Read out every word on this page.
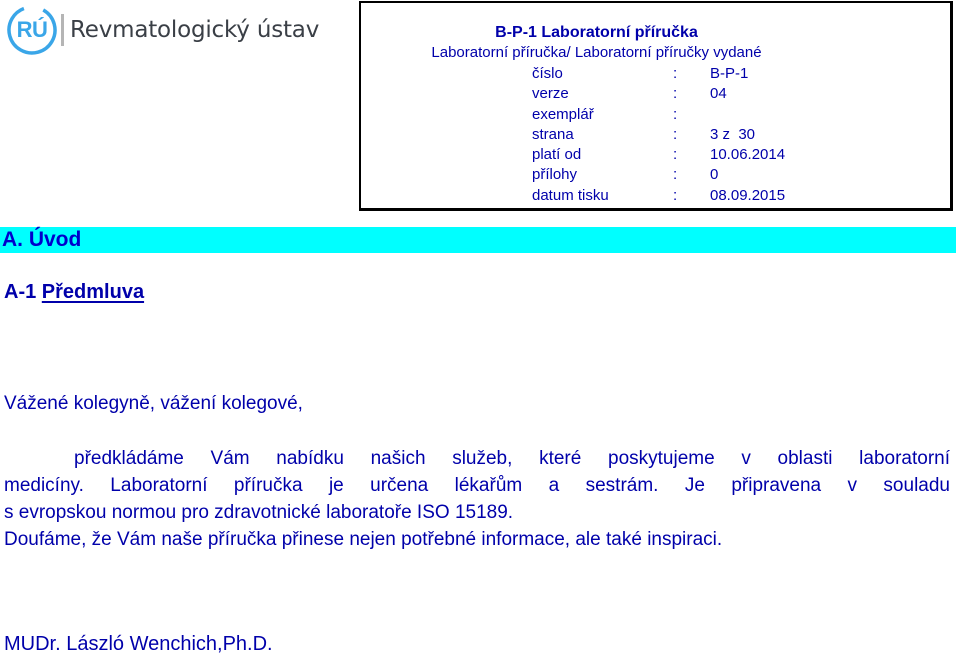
RÚ Revmatologický ústav	B-P-1 Laboratorní příručka
Laboratorní příručka/ Laboratorní příručky vydané
číslo	:	B-P-1
verze	:	04
exemplář	:
strana	:	3 z  30
platí od	:	10.06.2014
přílohy	:	0
datum tisku	:	08.09.2015
A. Úvod
A-1 Předmluva
Vážené kolegyně, vážení kolegové,
předkládáme Vám nabídku našich služeb, které poskytujeme v oblasti laboratorní
medicíny. Laboratorní příručka je určena lékařům a sestrám. Je připravena v souladu
s evropskou normou pro zdravotnické laboratoře ISO 15189.
Doufáme, že Vám naše příručka přinese nejen potřebné informace, ale také inspiraci.
MUDr. László Wenchich,Ph.D.
